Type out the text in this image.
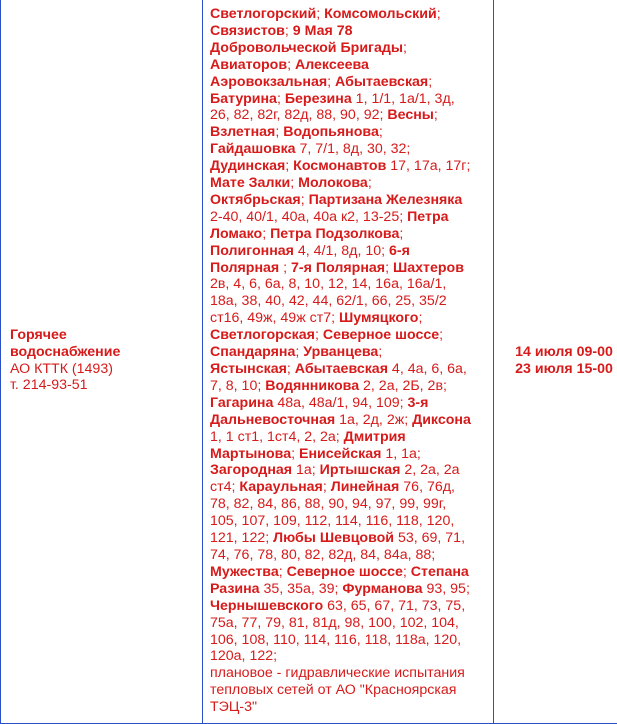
Горячее
водоснабжение
АО КТТК (1493)
т. 214-93-51

Светлогорский; Комсомольский;
Связистов; 9 Мая 78
Добровольческой Бригады;
Авиаторов; Алексеева
Аэровокзальная; Абытаевская;
Батурина; Березина 1, 1/1, 1а/1, 3д,
26, 82, 82г, 82д, 88, 90, 92; Весны;
Взлетная; Водопьянова;
Гайдашовка 7, 7/1, 8д, 30, 32;
Дудинская; Космонавтов 17, 17а, 17г;
Мате Залки; Молокова;
Октябрьская; Партизана Железняка
2-40, 40/1, 40а, 40а к2, 13-25; Петра
Ломако; Петра Подзолкова;
Полигонная 4, 4/1, 8д, 10; 6-я
Полярная ; 7-я Полярная; Шахтеров
2в, 4, 6, 6а, 8, 10, 12, 14, 16а, 16а/1,
18а, 38, 40, 42, 44, 62/1, 66, 25, 35/2
ст16, 49ж, 49ж ст7; Шумяцкого;
Светлогорская; Северное шоссе;
Спандаряна; Урванцева;
Ястынская; Абытаевская 4, 4а, 6, 6а,
7, 8, 10; Водянникова 2, 2а, 2Б, 2в;
Гагарина 48а, 48а/1, 94, 109; 3-я
Дальневосточная 1а, 2д, 2ж; Диксона
1, 1 ст1, 1ст4, 2, 2а; Дмитрия
Мартынова; Енисейская 1, 1а;
Загородная 1а; Иртышская 2, 2а, 2а
ст4; Караульная; Линейная 76, 76д,
78, 82, 84, 86, 88, 90, 94, 97, 99, 99г,
105, 107, 109, 112, 114, 116, 118, 120,
121, 122; Любы Шевцовой 53, 69, 71,
74, 76, 78, 80, 82, 82д, 84, 84а, 88;
Мужества; Северное шоссе; Степана
Разина 35, 35а, 39; Фурманова 93, 95;
Чернышевского 63, 65, 67, 71, 73, 75,
75а, 77, 79, 81, 81д, 98, 100, 102, 104,
106, 108, 110, 114, 116, 118, 118а, 120,
120а, 122;
плановое - гидравлические испытания
тепловых сетей от АО "Красноярская
ТЭЦ-3"

14 июля 09-00
23 июля 15-00
